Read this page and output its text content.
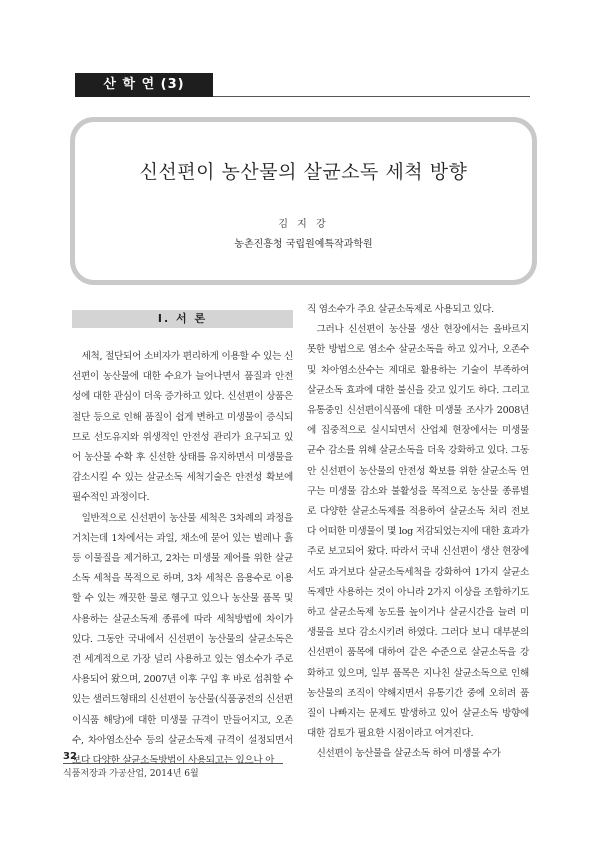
산 학 연 (3)
신선편이 농산물의 살균소독 세척 방향
김 지 강
농촌진흥청 국립원예특작과학원
Ⅰ. 서 론

세척, 절단되어 소비자가 편리하게 이용할 수 있는 신선편이 농산물에 대한 수요가 늘어나면서 품질과 안전성에 대한 관심이 더욱 증가하고 있다. 신선편이 상품은 절단 등으로 인해 품질이 쉽게 변하고 미생물이 증식되므로 선도유지와 위생적인 안전성 관리가 요구되고 있어 농산물 수확 후 신선한 상태를 유지하면서 미생물을 감소시킬 수 있는 살균소독 세척기술은 안전성 확보에 필수적인 과정이다.

일반적으로 신선편이 농산물 세척은 3차례의 과정을 거치는데 1차에서는 과일, 채소에 묻어 있는 벌레나 흙 등 이물질을 제거하고, 2차는 미생물 제어를 위한 살균소독 세척을 목적으로 하며, 3차 세척은 음용수로 이용할 수 있는 깨끗한 물로 헹구고 있으나 농산물 품목 및 사용하는 살균소독제 종류에 따라 세척방법에 차이가 있다. 그동안 국내에서 신선편이 농산물의 살균소독은 전 세계적으로 가장 널리 사용하고 있는 염소수가 주로 사용되어 왔으며, 2007년 이후 구입 후 바로 섭취할 수 있는 샐러드형태의 신선편이 농산물(식품공전의 신선편이식품 해당)에 대한 미생물 규격이 만들어지고, 오존수, 차아염소산수 등의 살균소독제 규격이 설정되면서 보다 다양한 살균소독방법이 사용되고는 있으나 아

직 염소수가 주요 살균소독제로 사용되고 있다.

그러나 신선편이 농산물 생산 현장에서는 올바르지 못한 방법으로 염소수 살균소독을 하고 있거나, 오존수 및 차아염소산수는 제대로 활용하는 기술이 부족하여 살균소독 효과에 대한 불신을 갖고 있기도 하다. 그리고 유통중인 신선편이식품에 대한 미생물 조사가 2008년에 집중적으로 실시되면서 산업체 현장에서는 미생물 균수 감소를 위해 살균소독을 더욱 강화하고 있다. 그동안 신선편이 농산물의 안전성 확보를 위한 살균소독 연구는 미생물 감소와 불활성을 목적으로 농산물 종류별로 다양한 살균소독제를 적용하여 살균소독 처리 전보다 어떠한 미생물이 몇 log 저감되었는지에 대한 효과가 주로 보고되어 왔다. 따라서 국내 신선편이 생산 현장에서도 과거보다 살균소독세척을 강화하여 1가지 살균소독제만 사용하는 것이 아니라 2가지 이상을 조합하기도 하고 살균소독제 농도를 높이거나 살균시간을 늘려 미생물을 보다 감소시키려 하였다. 그러다 보니 대부분의 신선편이 품목에 대하여 같은 수준으로 살균소독을 강화하고 있으며, 일부 품목은 지나친 살균소독으로 인해 농산물의 조직이 약해지면서 유통기간 중에 오히려 품질이 나빠지는 문제도 발생하고 있어 살균소독 방향에 대한 검토가 필요한 시점이라고 여겨진다.

신선편이 농산물을 살균소독 하여 미생물 수가

32
식품저장과 가공산업, 2014년 6월
